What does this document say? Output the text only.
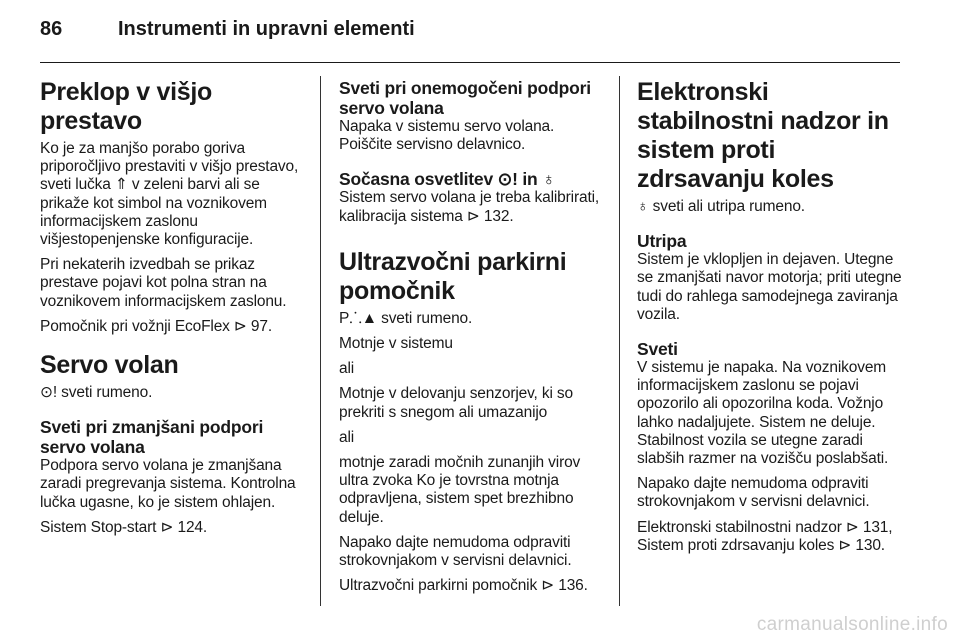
86	Instrumenti in upravni elementi
Preklop v višjo prestavo

Ko je za manjšo porabo goriva priporočljivo prestaviti v višjo prestavo, sveti lučka ⇑ v zeleni barvi ali se prikaže kot simbol na voznikovem informacijskem zaslonu višjestopenjenske konfiguracije.

Pri nekaterih izvedbah se prikaz prestave pojavi kot polna stran na voznikovem informacijskem zaslonu.

Pomočnik pri vožnji EcoFlex ⊳ 97.

Servo volan

⊙! sveti rumeno.

Sveti pri zmanjšani podpori servo volana

Podpora servo volana je zmanjšana zaradi pregrevanja sistema. Kontrolna lučka ugasne, ko je sistem ohlajen.

Sistem Stop-start ⊳ 124.

Sveti pri onemogočeni podpori servo volana

Napaka v sistemu servo volana. Poiščite servisno delavnico.

Sočasna osvetlitev ⊙! in ♁

Sistem servo volana je treba kalibrirati, kalibracija sistema ⊳ 132.

Ultrazvočni parkirni pomočnik

P⸫▲ sveti rumeno.

Motnje v sistemu

ali

Motnje v delovanju senzorjev, ki so prekriti s snegom ali umazanijo

ali

motnje zaradi močnih zunanjih virov ultra zvoka Ko je tovrstna motnja odpravljena, sistem spet brezhibno deluje.

Napako dajte nemudoma odpraviti strokovnjakom v servisni delavnici.

Ultrazvočni parkirni pomočnik ⊳ 136.

Elektronski stabilnostni nadzor in sistem proti zdrsavanju koles

♁ sveti ali utripa rumeno.

Utripa

Sistem je vklopljen in dejaven. Utegne se zmanjšati navor motorja; priti utegne tudi do rahlega samodejnega zaviranja vozila.

Sveti

V sistemu je napaka. Na voznikovem informacijskem zaslonu se pojavi opozorilo ali opozorilna koda. Vožnjo lahko nadaljujete. Sistem ne deluje. Stabilnost vozila se utegne zaradi slabših razmer na vozišču poslabšati.

Napako dajte nemudoma odpraviti strokovnjakom v servisni delavnici.

Elektronski stabilnostni nadzor ⊳ 131, Sistem proti zdrsavanju koles ⊳ 130.

carmanualsonline.info
